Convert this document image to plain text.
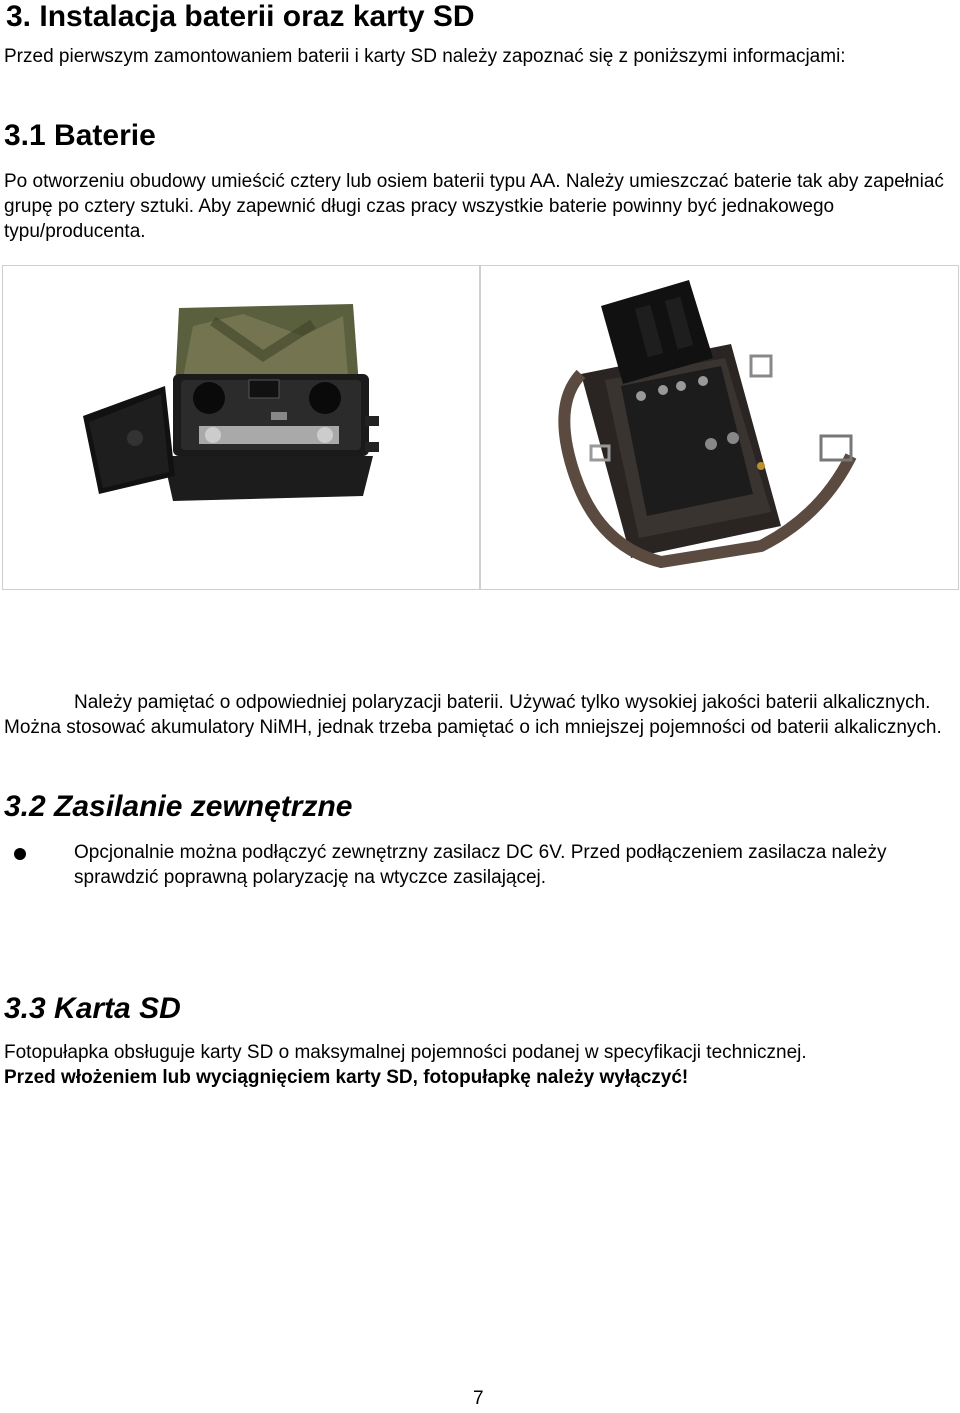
3. Instalacja baterii oraz karty SD

Przed pierwszym zamontowaniem baterii i karty SD należy zapoznać się z poniższymi informacjami:

3.1 Baterie

Po otworzeniu obudowy umieścić cztery lub osiem baterii typu AA. Należy umieszczać baterie tak aby zapełniać grupę po cztery sztuki. Aby zapewnić długi czas pracy wszystkie baterie powinny być jednakowego typu/producenta.

Należy pamiętać o odpowiedniej polaryzacji baterii. Używać tylko wysokiej jakości baterii alkalicznych. Można stosować akumulatory NiMH, jednak trzeba pamiętać o ich mniejszej pojemności od baterii alkalicznych.

3.2 Zasilanie zewnętrzne

Opcjonalnie można podłączyć zewnętrzny zasilacz DC 6V. Przed podłączeniem zasilacza należy sprawdzić poprawną polaryzację na wtyczce zasilającej.

3.3 Karta SD

Fotopułapka obsługuje karty SD o maksymalnej pojemności podanej w specyfikacji technicznej.

Przed włożeniem lub wyciągnięciem karty SD, fotopułapkę należy wyłączyć!

7
